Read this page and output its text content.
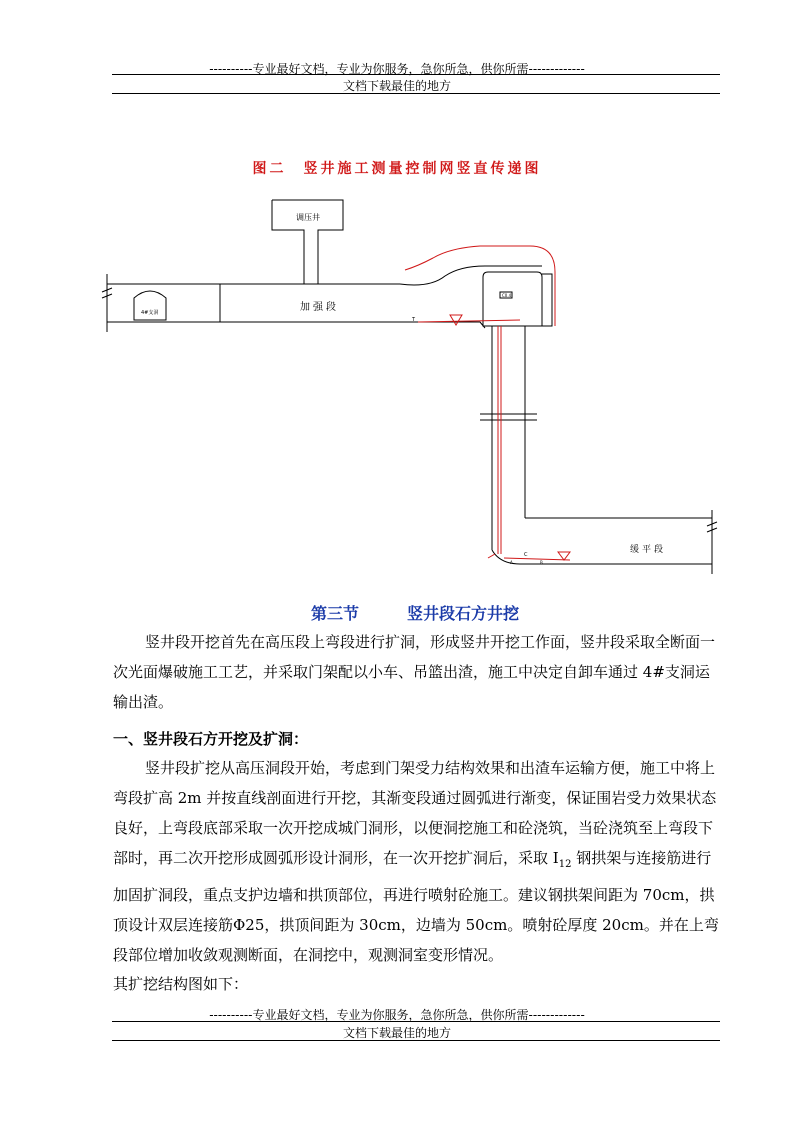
----------专业最好文档，专业为你服务，急你所急，供你所需-------------
文档下载最佳的地方
图二　竖井施工测量控制网竖直传递图
调压井
加强段
缓平段
4#支洞
C0.4
T
C
A	B
第三节	竖井段石方井挖

竖井段开挖首先在高压段上弯段进行扩洞，形成竖井开挖工作面，竖井段采取全断面一次光面爆破施工工艺，并采取门架配以小车、吊篮出渣，施工中决定自卸车通过 4#支洞运输出渣。

一、竖井段石方开挖及扩洞：

竖井段扩挖从高压洞段开始，考虑到门架受力结构效果和出渣车运输方便，施工中将上弯段扩高 2m 并按直线剖面进行开挖，其渐变段通过圆弧进行渐变，保证围岩受力效果状态良好，上弯段底部采取一次开挖成城门洞形，以便洞挖施工和砼浇筑，当砼浇筑至上弯段下部时，再二次开挖形成圆弧形设计洞形，在一次开挖扩洞后，采取 $I_{12}$ 钢拱架与连接筋进行加固扩洞段，重点支护边墙和拱顶部位，再进行喷射砼施工。建议钢拱架间距为 70cm，拱顶设计双层连接筋Φ25，拱顶间距为 30cm，边墙为 50cm。喷射砼厚度 20cm。并在上弯段部位增加收敛观测断面，在洞挖中，观测洞室变形情况。

其扩挖结构图如下：

----------专业最好文档，专业为你服务，急你所急，供你所需-------------
文档下载最佳的地方
